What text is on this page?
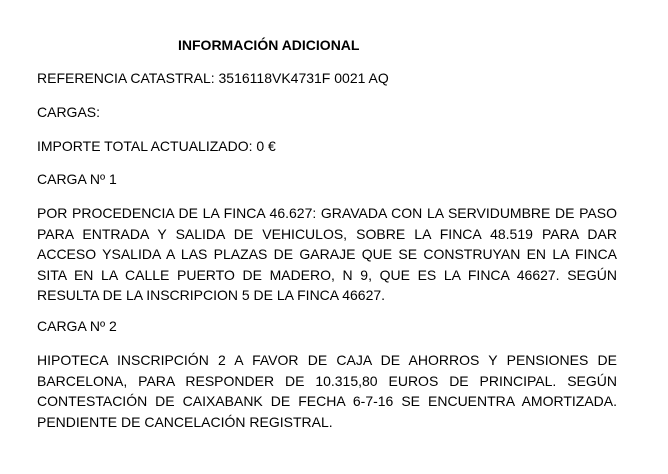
INFORMACIÓN ADICIONAL
REFERENCIA CATASTRAL: 3516118VK4731F 0021 AQ
CARGAS:
IMPORTE TOTAL ACTUALIZADO: 0 €
CARGA Nº 1
POR PROCEDENCIA DE LA FINCA 46.627: GRAVADA CON LA SERVIDUMBRE DE PASO PARA ENTRADA Y SALIDA DE VEHICULOS, SOBRE LA FINCA 48.519 PARA DAR ACCESO YSALIDA A LAS PLAZAS DE GARAJE QUE SE CONSTRUYAN EN LA FINCA SITA EN LA CALLE PUERTO DE MADERO, N 9, QUE ES LA FINCA 46627. SEGÚN RESULTA DE LA INSCRIPCION 5 DE LA FINCA 46627.
CARGA Nº 2
HIPOTECA INSCRIPCIÓN 2 A FAVOR DE CAJA DE AHORROS Y PENSIONES DE BARCELONA, PARA RESPONDER DE 10.315,80 EUROS DE PRINCIPAL. SEGÚN CONTESTACIÓN DE CAIXABANK DE FECHA 6-7-16 SE ENCUENTRA AMORTIZADA. PENDIENTE DE CANCELACIÓN REGISTRAL.
